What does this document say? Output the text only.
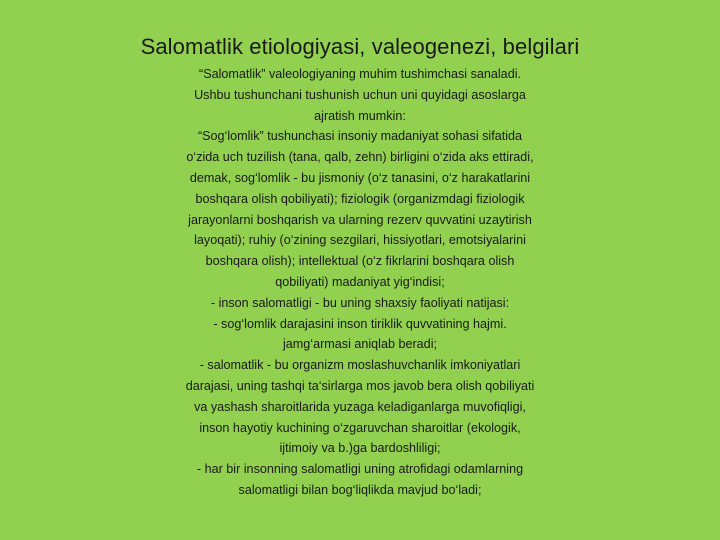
Salomatlik etiologiyasi, valeogenezi, belgilari
“Salomatlik” valeologiyaning muhim tushimchasi sanaladi.
Ushbu tushunchani tushunish uchun uni quyidagi asoslarga
ajratish mumkin:
“Sog‘lomlik” tushunchasi insoniy madaniyat sohasi sifatida
o‘zida uch tuzilish (tana, qalb, zehn) birligini o‘zida aks ettiradi,
demak, sog‘lomlik - bu jismoniy (o‘z tanasini, o‘z harakatlarini
boshqara olish qobiliyati); fiziologik (organizmdagi fiziologik
jarayonlarni boshqarish va ularning rezerv quvvatini uzaytirish
layoqati); ruhiy (o‘zining sezgilari, hissiyotlari, emotsiyalarini
boshqara olish); intellektual (o‘z fikrlarini boshqara olish
qobiliyati) madaniyat yig‘indisi;
- inson salomatligi - bu uning shaxsiy faoliyati natijasi:
- sog‘lomlik darajasini inson tiriklik quvvatining hajmi.
jamg‘armasi aniqlab beradi;
- salomatlik - bu organizm moslashuvchanlik imkoniyatlari
darajasi, uning tashqi ta‘sirlarga mos javob bera olish qobiliyati
va yashash sharoitlarida yuzaga keladiganlarga muvofiqligi,
inson hayotiy kuchining o‘zgaruvchan sharoitlar (ekologik,
ijtimoiy va b.)ga bardoshliligi;
- har bir insonning salomatligi uning atrofidagi odamlarning
salomatligi bilan bog‘liqlikda mavjud bo‘ladi;
